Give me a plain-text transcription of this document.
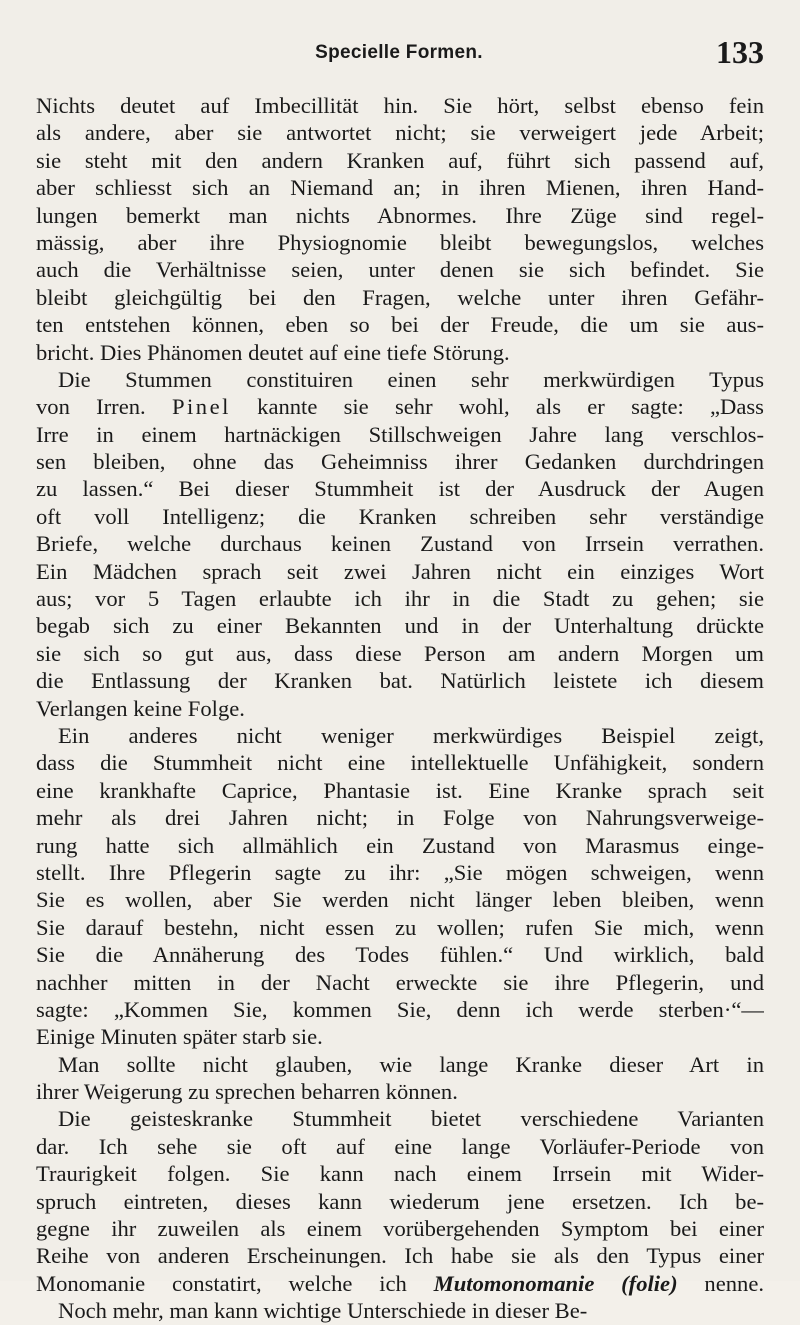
Specielle Formen.	133
Nichts deutet auf Imbecillität hin. Sie hört, selbst ebenso fein
als andere, aber sie antwortet nicht; sie verweigert jede Arbeit;
sie steht mit den andern Kranken auf, führt sich passend auf,
aber schliesst sich an Niemand an; in ihren Mienen, ihren Hand-
lungen bemerkt man nichts Abnormes. Ihre Züge sind regel-
mässig, aber ihre Physiognomie bleibt bewegungslos, welches
auch die Verhältnisse seien, unter denen sie sich befindet. Sie
bleibt gleichgültig bei den Fragen, welche unter ihren Gefähr-
ten entstehen können, eben so bei der Freude, die um sie aus-
bricht. Dies Phänomen deutet auf eine tiefe Störung.
Die Stummen constituiren einen sehr merkwürdigen Typus
von Irren. Pinel kannte sie sehr wohl, als er sagte: „Dass
Irre in einem hartnäckigen Stillschweigen Jahre lang verschlos-
sen bleiben, ohne das Geheimniss ihrer Gedanken durchdringen
zu lassen.“ Bei dieser Stummheit ist der Ausdruck der Augen
oft voll Intelligenz; die Kranken schreiben sehr verständige
Briefe, welche durchaus keinen Zustand von Irrsein verrathen.
Ein Mädchen sprach seit zwei Jahren nicht ein einziges Wort
aus; vor 5 Tagen erlaubte ich ihr in die Stadt zu gehen; sie
begab sich zu einer Bekannten und in der Unterhaltung drückte
sie sich so gut aus, dass diese Person am andern Morgen um
die Entlassung der Kranken bat. Natürlich leistete ich diesem
Verlangen keine Folge.
Ein anderes nicht weniger merkwürdiges Beispiel zeigt,
dass die Stummheit nicht eine intellektuelle Unfähigkeit, sondern
eine krankhafte Caprice, Phantasie ist. Eine Kranke sprach seit
mehr als drei Jahren nicht; in Folge von Nahrungsverweige-
rung hatte sich allmählich ein Zustand von Marasmus einge-
stellt. Ihre Pflegerin sagte zu ihr: „Sie mögen schweigen, wenn
Sie es wollen, aber Sie werden nicht länger leben bleiben, wenn
Sie darauf bestehn, nicht essen zu wollen; rufen Sie mich, wenn
Sie die Annäherung des Todes fühlen.“ Und wirklich, bald
nachher mitten in der Nacht erweckte sie ihre Pflegerin, und
sagte: „Kommen Sie, kommen Sie, denn ich werde sterben·“—
Einige Minuten später starb sie.
Man sollte nicht glauben, wie lange Kranke dieser Art in
ihrer Weigerung zu sprechen beharren können.
Die geisteskranke Stummheit bietet verschiedene Varianten
dar. Ich sehe sie oft auf eine lange Vorläufer-Periode von
Traurigkeit folgen. Sie kann nach einem Irrsein mit Wider-
spruch eintreten, dieses kann wiederum jene ersetzen. Ich be-
gegne ihr zuweilen als einem vorübergehenden Symptom bei einer
Reihe von anderen Erscheinungen. Ich habe sie als den Typus einer
Monomanie constatirt, welche ich Mutomonomanie (folie) nenne.
Noch mehr, man kann wichtige Unterschiede in dieser Be-
